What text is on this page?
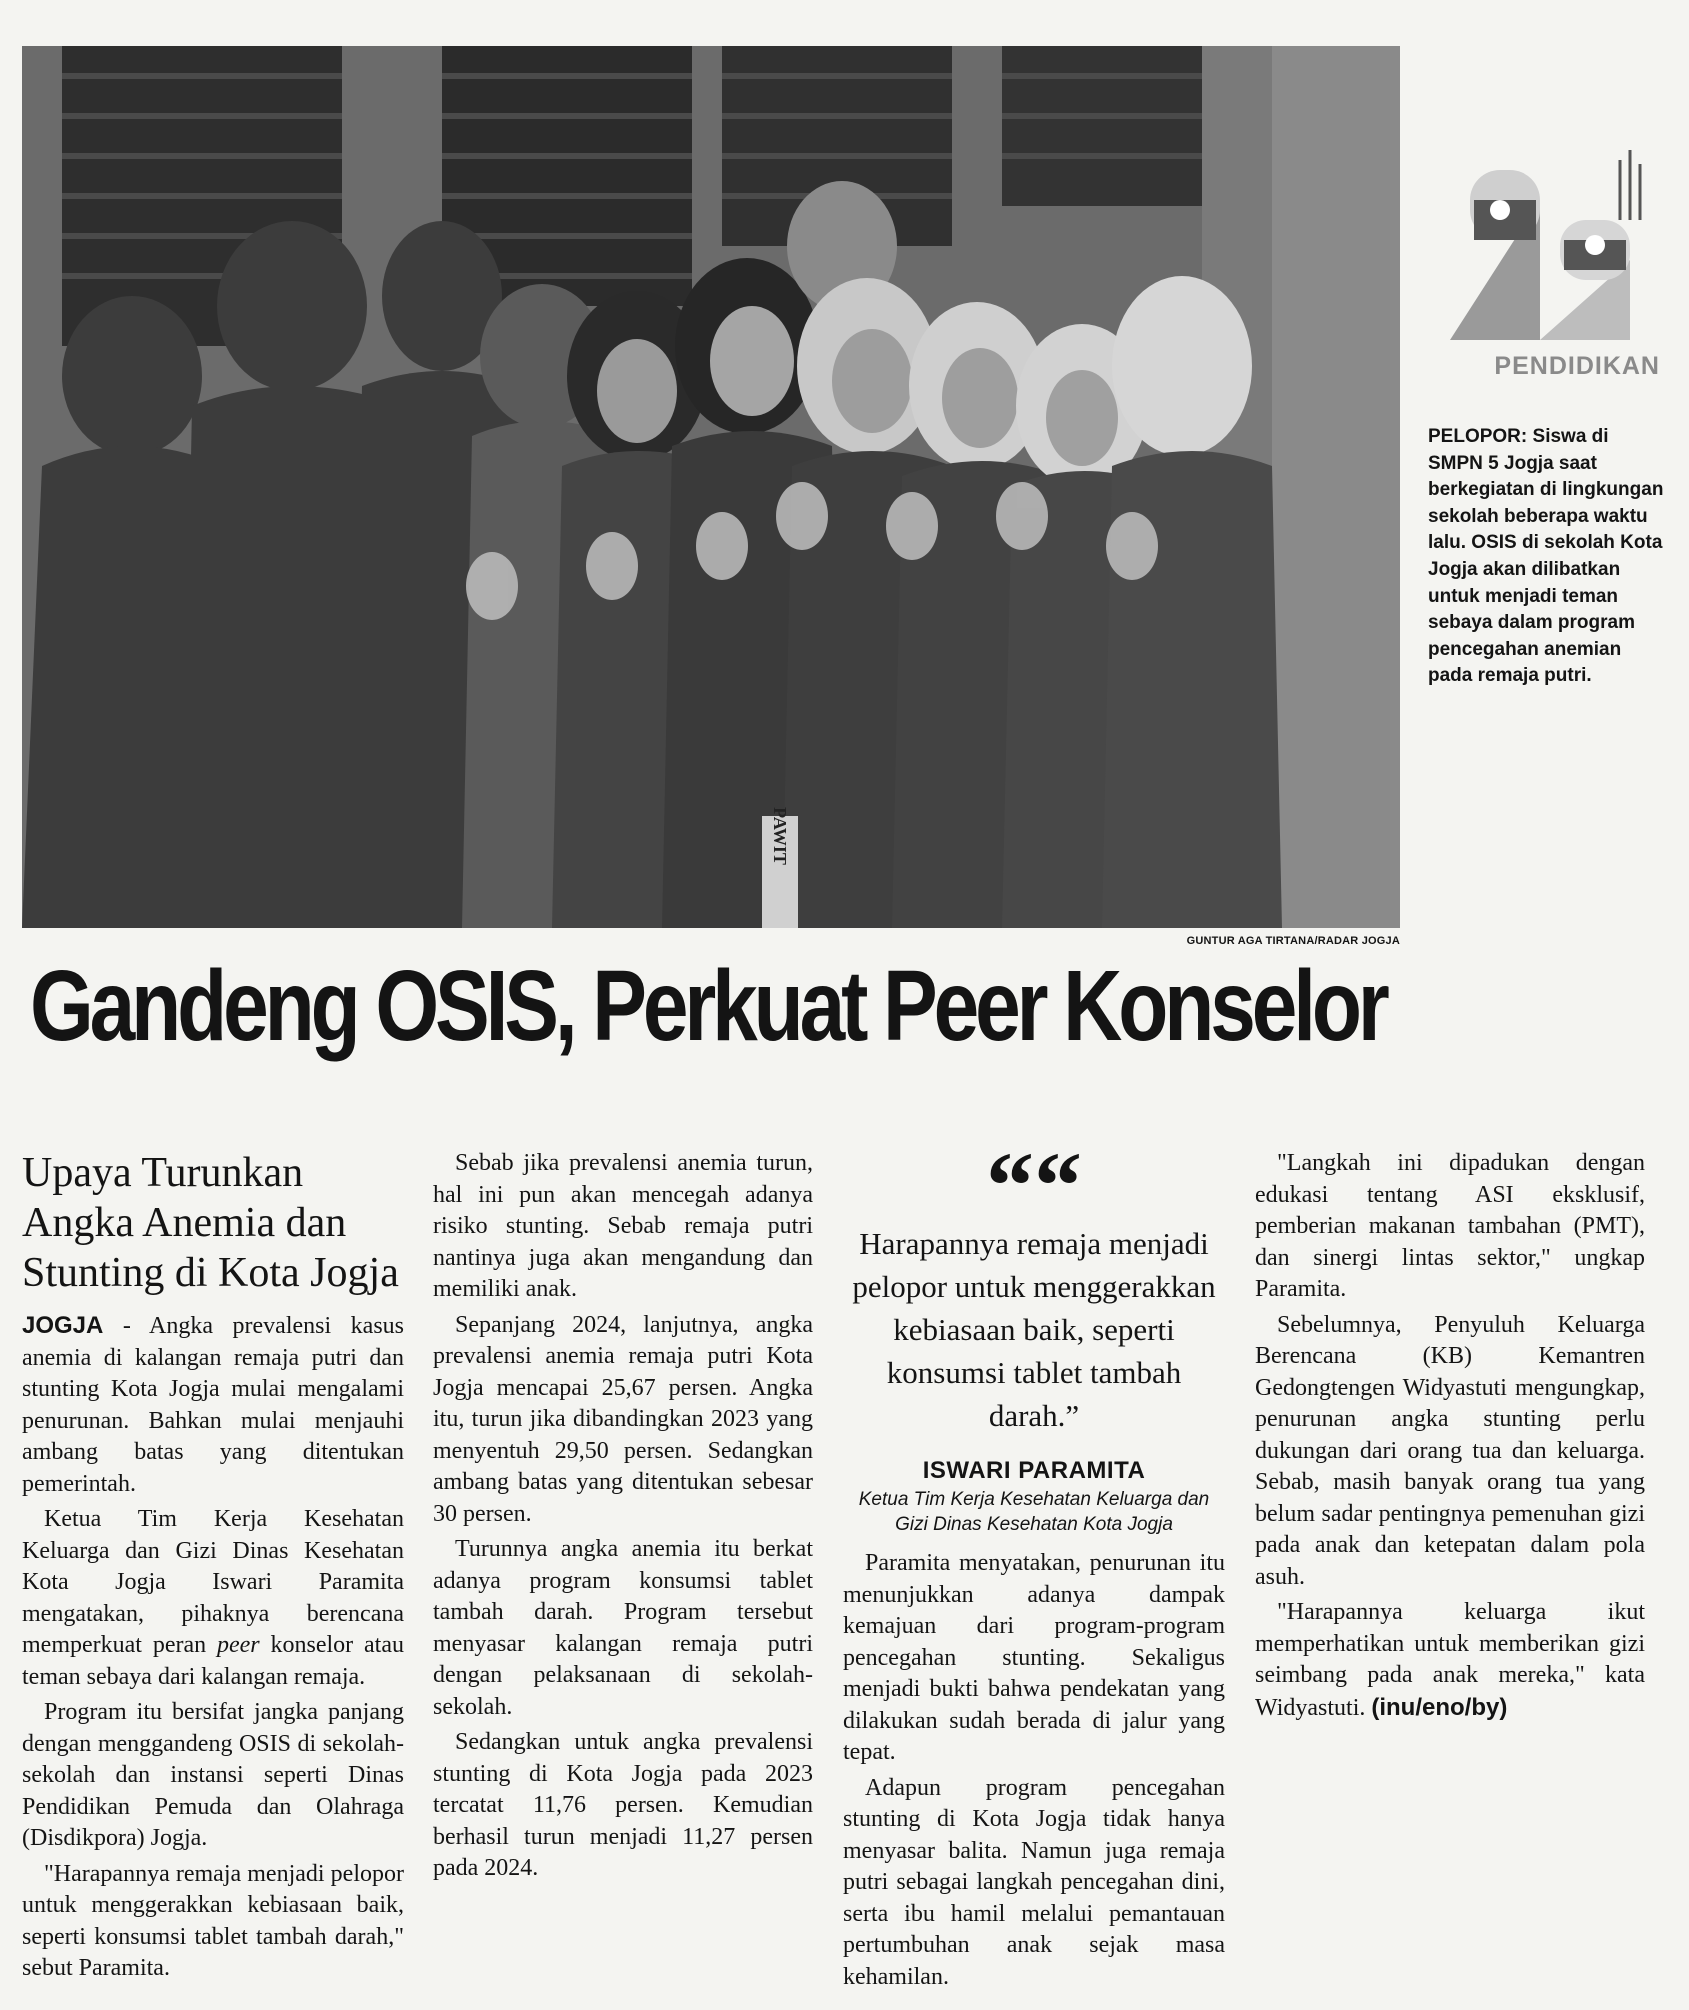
PAWIT
GUNTUR AGA TIRTANA/RADAR JOGJA
PENDIDIKAN
PELOPOR: Siswa di SMPN 5 Jogja saat berkegiatan di lingkungan sekolah beberapa waktu lalu. OSIS di sekolah Kota Jogja akan dilibatkan untuk menjadi teman sebaya dalam program pencegahan anemian pada remaja putri.
Gandeng OSIS, Perkuat Peer Konselor
Upaya Turunkan Angka Anemia dan Stunting di Kota Jogja

JOGJA - Angka prevalensi kasus anemia di kalangan remaja putri dan stunting Kota Jogja mulai mengalami penurunan. Bahkan mulai menjauhi ambang batas yang ditentukan pemerintah.

Ketua Tim Kerja Kesehatan Keluarga dan Gizi Dinas Kesehatan Kota Jogja Iswari Paramita mengatakan, pihaknya berencana memperkuat peran peer konselor atau teman sebaya dari kalangan remaja.

Program itu bersifat jangka panjang dengan menggandeng OSIS di sekolah-sekolah dan instansi seperti Dinas Pendidikan Pemuda dan Olahraga (Disdikpora) Jogja.

"Harapannya remaja menjadi pelopor untuk menggerakkan kebiasaan baik, seperti konsumsi tablet tambah darah," sebut Paramita.

Sebab jika prevalensi anemia turun, hal ini pun akan mencegah adanya risiko stunting. Sebab remaja putri nantinya juga akan mengandung dan memiliki anak.

Sepanjang 2024, lanjutnya, angka prevalensi anemia remaja putri Kota Jogja mencapai 25,67 persen. Angka itu, turun jika dibandingkan 2023 yang menyentuh 29,50 persen. Sedangkan ambang batas yang ditentukan sebesar 30 persen.

Turunnya angka anemia itu berkat adanya program konsumsi tablet tambah darah. Program tersebut menyasar kalangan remaja putri dengan pelaksanaan di sekolah-sekolah.

Sedangkan untuk angka prevalensi stunting di Kota Jogja pada 2023 tercatat 11,76 persen. Kemudian berhasil turun menjadi 11,27 persen pada 2024.

““
Harapannya remaja menjadi pelopor untuk menggerakkan kebiasaan baik, seperti konsumsi tablet tambah darah.”
ISWARI PARAMITA
Ketua Tim Kerja Kesehatan Keluarga dan Gizi Dinas Kesehatan Kota Jogja

Paramita menyatakan, penurunan itu menunjukkan adanya dampak kemajuan dari program-program pencegahan stunting. Sekaligus menjadi bukti bahwa pendekatan yang dilakukan sudah berada di jalur yang tepat.

Adapun program pencegahan stunting di Kota Jogja tidak hanya menyasar balita. Namun juga remaja putri sebagai langkah pencegahan dini, serta ibu hamil melalui pemantauan pertumbuhan anak sejak masa kehamilan.

"Langkah ini dipadukan dengan edukasi tentang ASI eksklusif, pemberian makanan tambahan (PMT), dan sinergi lintas sektor," ungkap Paramita.

Sebelumnya, Penyuluh Keluarga Berencana (KB) Kemantren Gedongtengen Widyastuti mengungkap, penurunan angka stunting perlu dukungan dari orang tua dan keluarga. Sebab, masih banyak orang tua yang belum sadar pentingnya pemenuhan gizi pada anak dan ketepatan dalam pola asuh.

"Harapannya keluarga ikut memperhatikan untuk memberikan gizi seimbang pada anak mereka," kata Widyastuti. (inu/eno/by)
